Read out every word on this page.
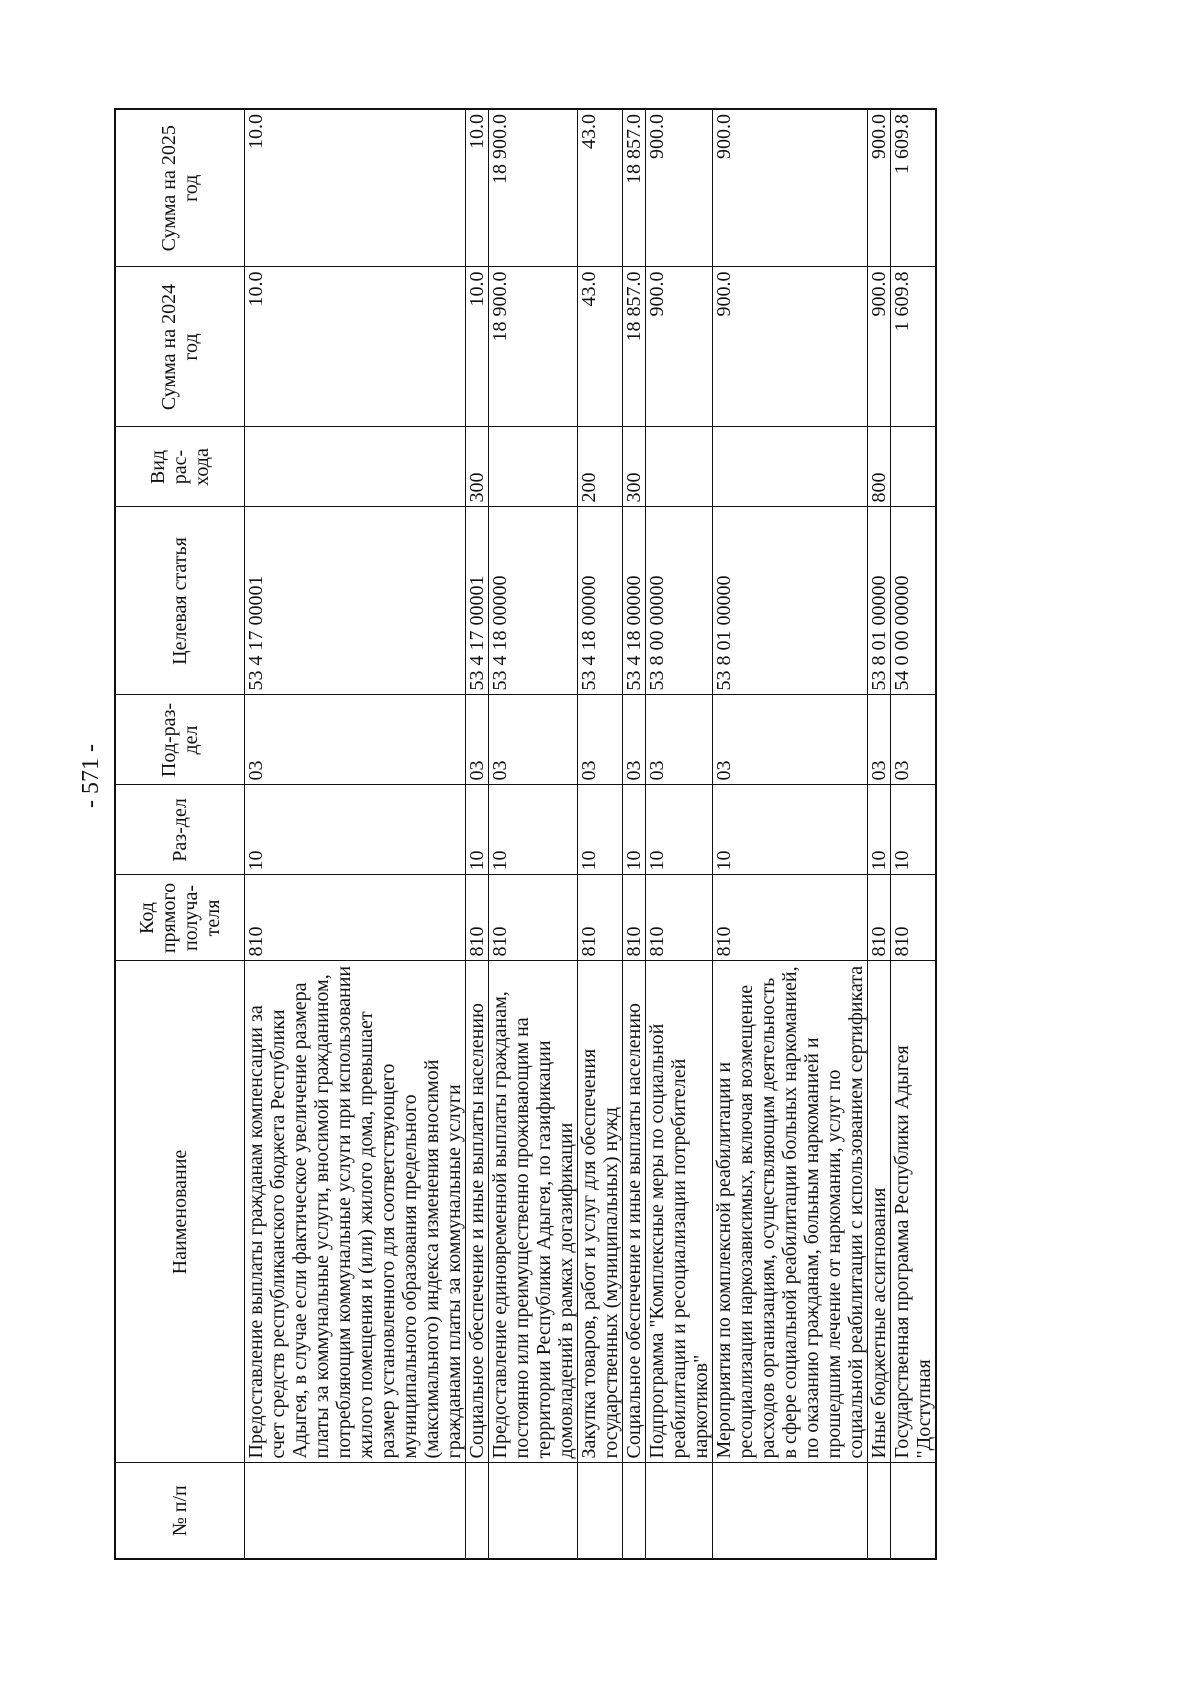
- 571 -
№ п/п	Наименование	Код прямого получа-теля	Раз-дел	Под-раз-дел	Целевая статья	Вид рас-хода	Сумма на 2024 год	Сумма на 2025 год
	Предоставление выплаты гражданам компенсации за счет средств республиканского бюджета Республики Адыгея, в случае если фактическое увеличение размера платы за коммунальные услуги, вносимой гражданином, потребляющим коммунальные услуги при использовании жилого помещения и (или) жилого дома, превышает размер установленного для соответствующего муниципального образования предельного (максимального) индекса изменения вносимой гражданами платы за коммунальные услуги	810	10	03	53 4 17 00001		10.0	10.0
	Социальное обеспечение и иные выплаты населению	810	10	03	53 4 17 00001	300	10.0	10.0
	Предоставление единовременной выплаты гражданам, постоянно или преимущественно проживающим на территории Республики Адыгея, по газификации домовладений в рамках догазификации	810	10	03	53 4 18 00000		18 900.0	18 900.0
	Закупка товаров, работ и услуг для обеспечения государственных (муниципальных) нужд	810	10	03	53 4 18 00000	200	43.0	43.0
	Социальное обеспечение и иные выплаты населению	810	10	03	53 4 18 00000	300	18 857.0	18 857.0
	Подпрограмма "Комплексные меры по социальной реабилитации и ресоциализации потребителей наркотиков"	810	10	03	53 8 00 00000		900.0	900.0
	Мероприятия по комплексной реабилитации и ресоциализации наркозависимых, включая возмещение расходов организациям, осуществляющим деятельность в сфере социальной реабилитации больных наркоманией, по оказанию гражданам, больным наркоманией и прошедшим лечение от наркомании, услуг по социальной реабилитации с использованием сертификата	810	10	03	53 8 01 00000		900.0	900.0
	Иные бюджетные ассигнования	810	10	03	53 8 01 00000	800	900.0	900.0
	Государственная программа Республики Адыгея "Доступная	810	10	03	54 0 00 00000		1 609.8	1 609.8
